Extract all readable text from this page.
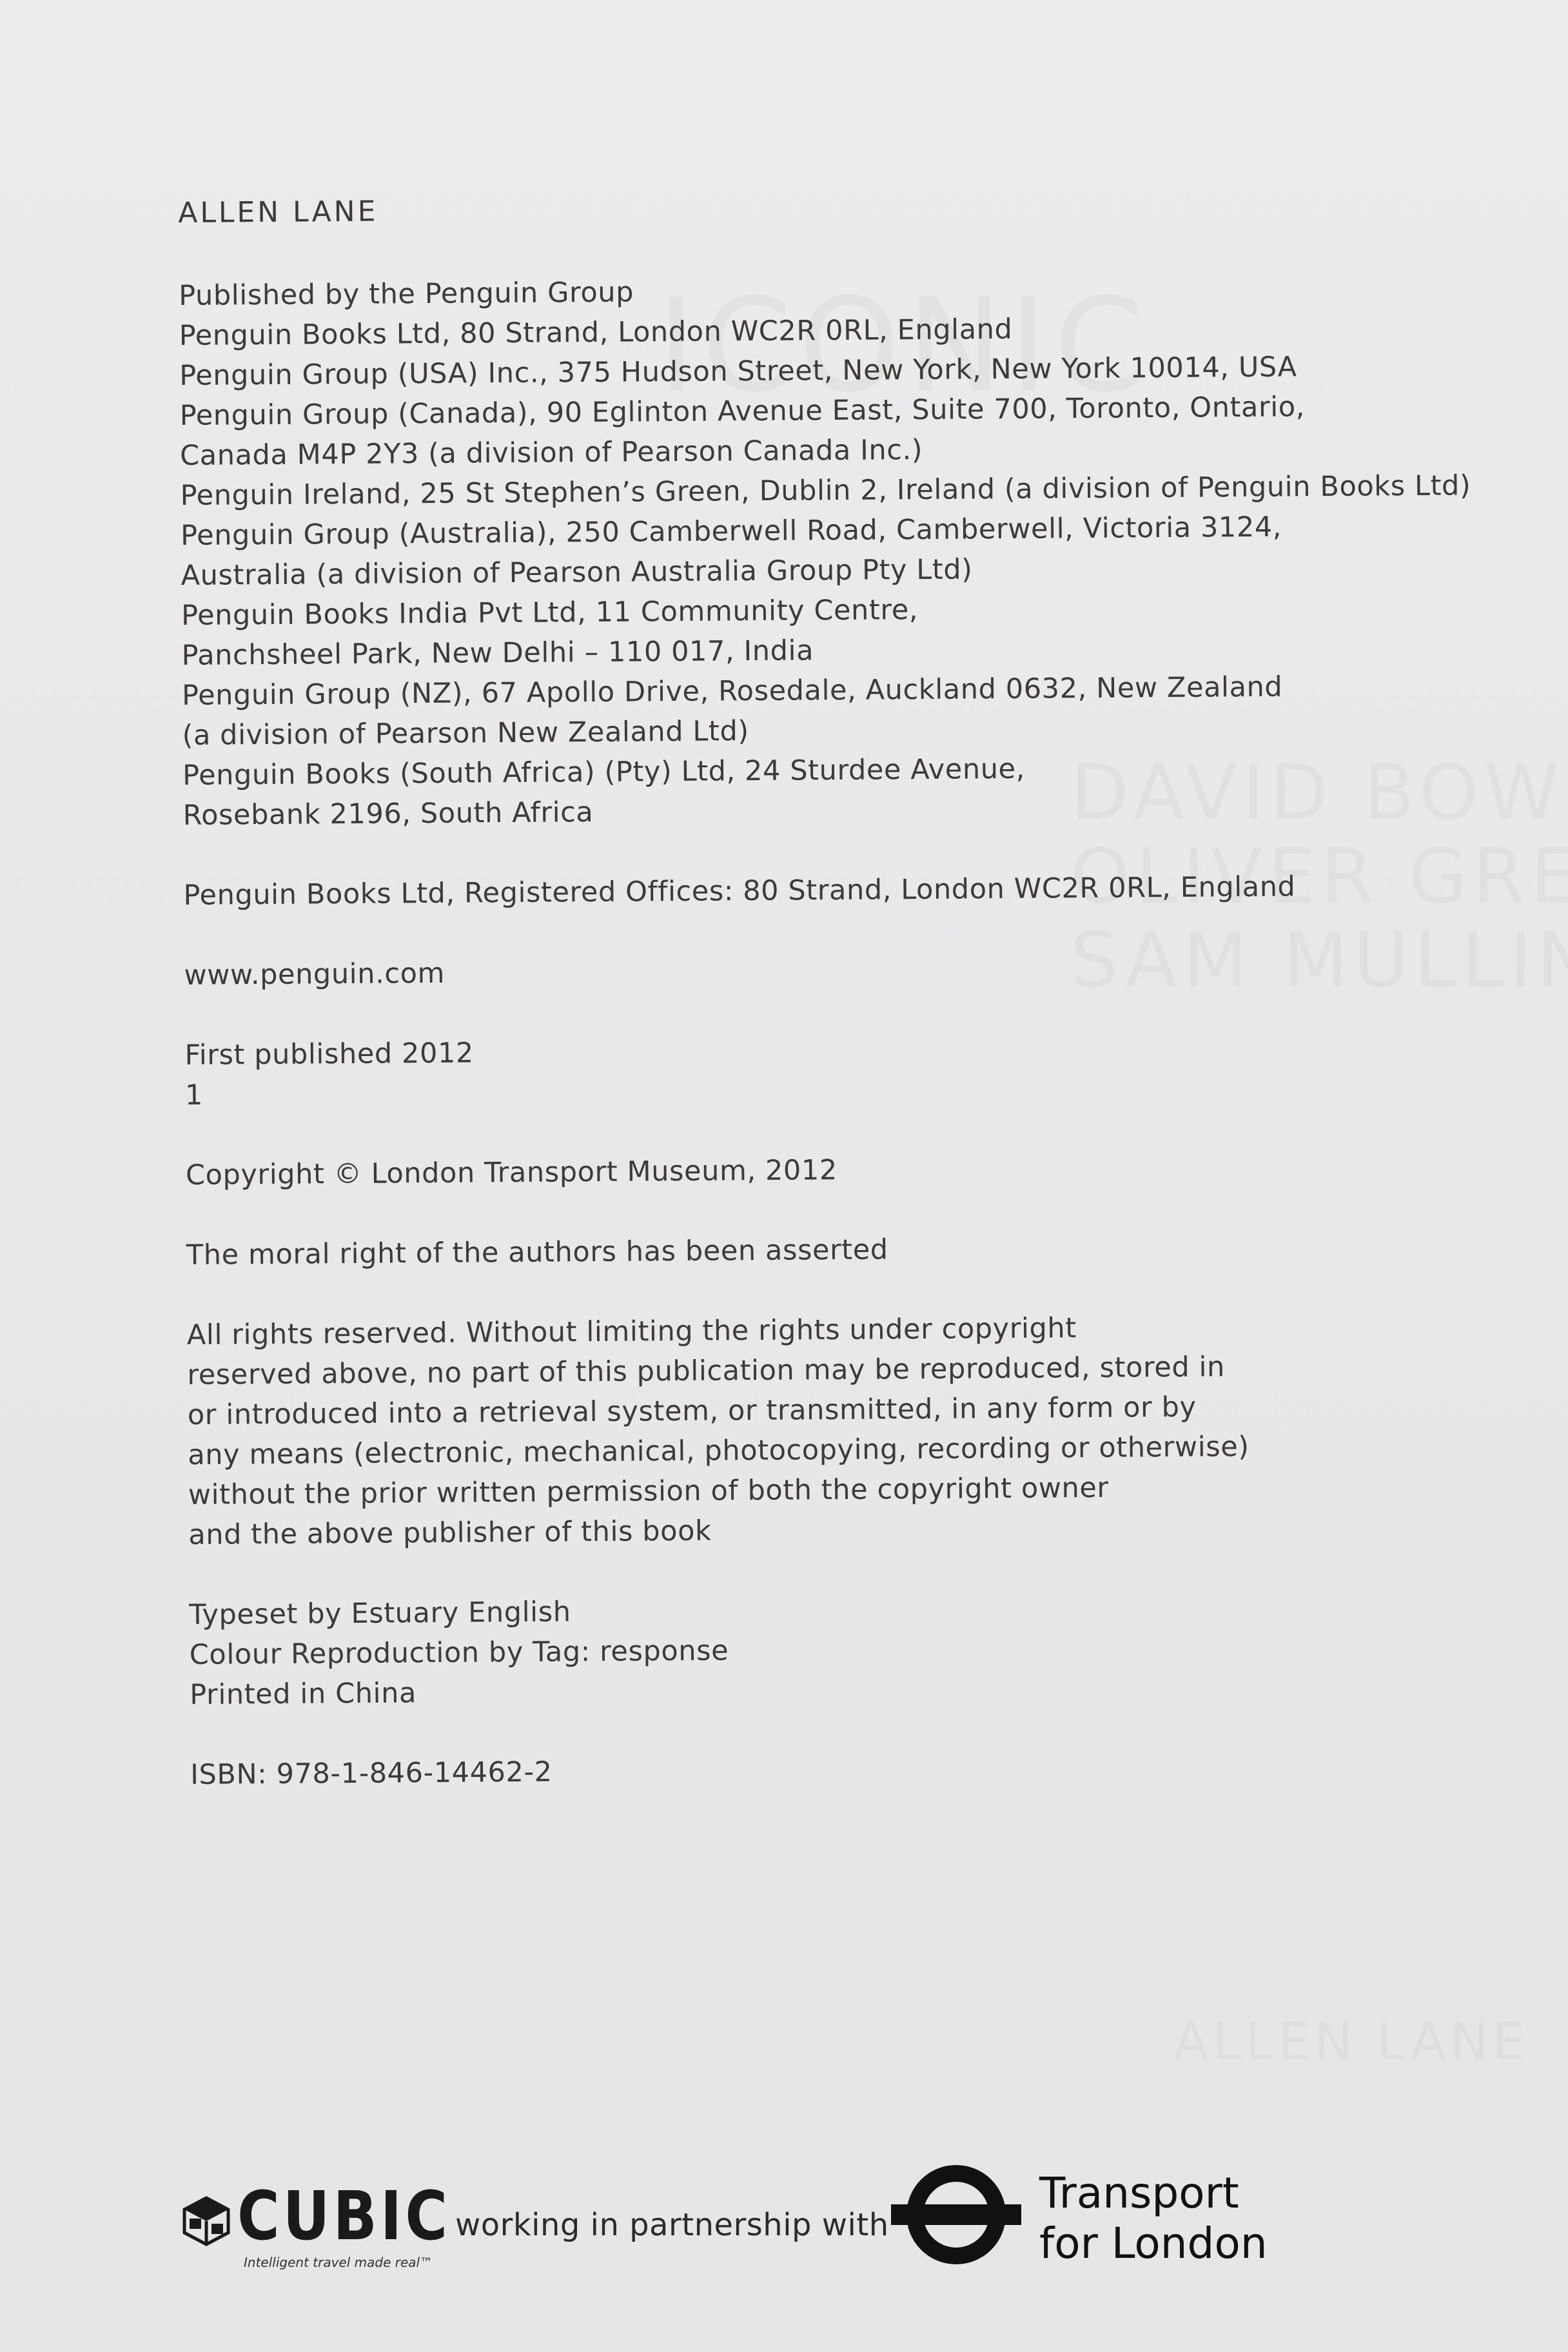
ALLEN LANE
Published by the Penguin Group
Penguin Books Ltd, 80 Strand, London WC2R 0RL, England
Penguin Group (USA) Inc., 375 Hudson Street, New York, New York 10014, USA
Penguin Group (Canada), 90 Eglinton Avenue East, Suite 700, Toronto, Ontario,
Canada M4P 2Y3 (a division of Pearson Canada Inc.)
Penguin Ireland, 25 St Stephen’s Green, Dublin 2, Ireland (a division of Penguin Books Ltd)
Penguin Group (Australia), 250 Camberwell Road, Camberwell, Victoria 3124,
Australia (a division of Pearson Australia Group Pty Ltd)
Penguin Books India Pvt Ltd, 11 Community Centre,
Panchsheel Park, New Delhi – 110 017, India
Penguin Group (NZ), 67 Apollo Drive, Rosedale, Auckland 0632, New Zealand
(a division of Pearson New Zealand Ltd)
Penguin Books (South Africa) (Pty) Ltd, 24 Sturdee Avenue,
Rosebank 2196, South Africa
Penguin Books Ltd, Registered Offices: 80 Strand, London WC2R 0RL, England
www.penguin.com
First published 2012
1
Copyright © London Transport Museum, 2012
The moral right of the authors has been asserted
All rights reserved. Without limiting the rights under copyright
reserved above, no part of this publication may be reproduced, stored in
or introduced into a retrieval system, or transmitted, in any form or by
any means (electronic, mechanical, photocopying, recording or otherwise)
without the prior written permission of both the copyright owner
and the above publisher of this book
Typeset by Estuary English
Colour Reproduction by Tag: response
Printed in China
ISBN: 978-1-846-14462-2
CUBIC
Intelligent travel made real™
working in partnership with
Transport
for London
